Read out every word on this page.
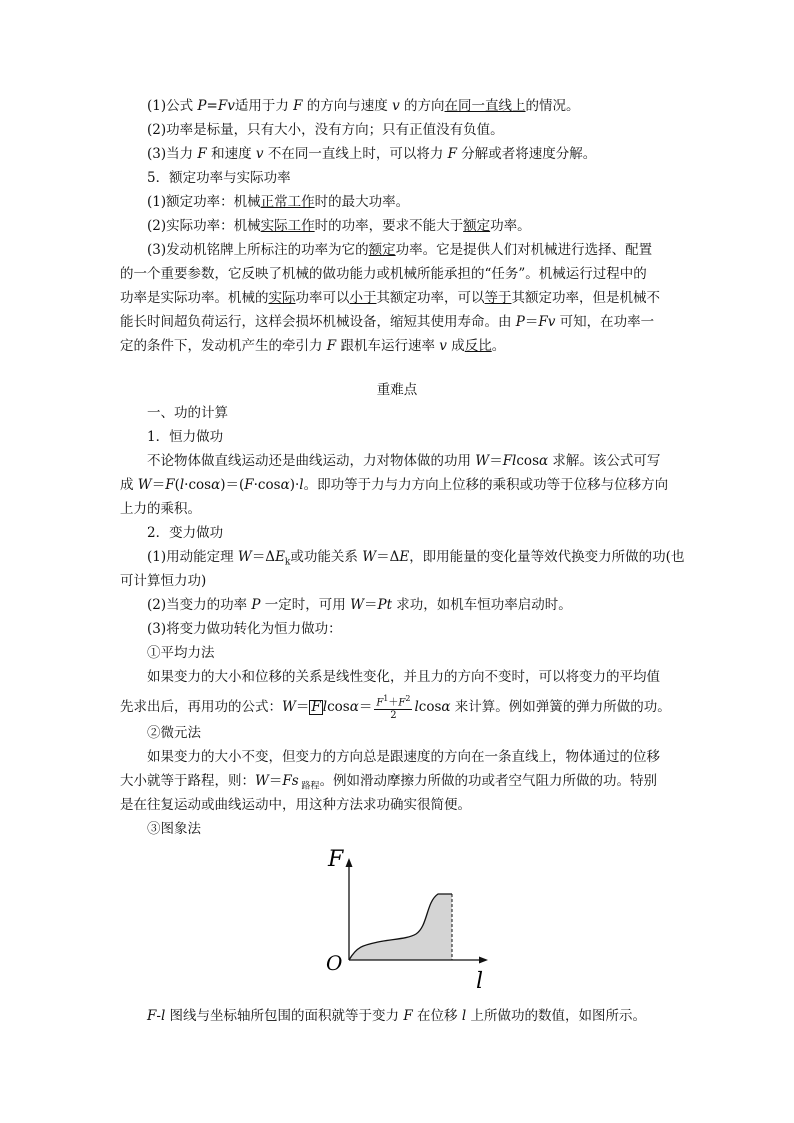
(1)公式 P=Fv适用于力 F 的方向与速度 v 的方向在同一直线上的情况。
(2)功率是标量，只有大小，没有方向；只有正值没有负值。
(3)当力 F 和速度 v 不在同一直线上时，可以将力 F 分解或者将速度分解。
5．额定功率与实际功率
(1)额定功率：机械正常工作时的最大功率。
(2)实际功率：机械实际工作时的功率，要求不能大于额定功率。
(3)发动机铭牌上所标注的功率为它的额定功率。它是提供人们对机械进行选择、配置
的一个重要参数，它反映了机械的做功能力或机械所能承担的“任务”。机械运行过程中的
功率是实际功率。机械的实际功率可以小于其额定功率，可以等于其额定功率，但是机械不
能长时间超负荷运行，这样会损坏机械设备，缩短其使用寿命。由 P＝Fv 可知，在功率一
定的条件下，发动机产生的牵引力 F 跟机车运行速率 v 成反比。
重难点
一、功的计算
1．恒力做功
不论物体做直线运动还是曲线运动，力对物体做的功用 W＝Flcosα 求解。该公式可写
成 W＝F(l·cosα)＝(F·cosα)·l。即功等于力与力方向上位移的乘积或功等于位移与位移方向
上力的乘积。
2．变力做功
(1)用动能定理 $W=\Delta E_k$或功能关系 W＝ΔE，即用能量的变化量等效代换变力所做的功(也
可计算恒力功)
(2)当变力的功率 P 一定时，可用 W＝Pt 求功，如机车恒功率启动时。
(3)将变力做功转化为恒力做功：
①平均力法
如果变力的大小和位移的关系是线性变化，并且力的方向不变时，可以将变力的平均值
先求出后，再用功的公式：W＝ F $lcos\alpha= \frac{F^1+F^2}{2}$ lcosα 来计算。例如弹簧的弹力所做的功。
②微元法
如果变力的大小不变，但变力的方向总是跟速度的方向在一条直线上，物体通过的位移
大小就等于路程，则：W＝Fs $_{路程}$。例如滑动摩擦力所做的功或者空气阻力所做的功。特别
是在往复运动或曲线运动中，用这种方法求功确实很简便。
③图象法
F
O
l
F-l 图线与坐标轴所包围的面积就等于变力 F 在位移 l 上所做功的数值，如图所示。
